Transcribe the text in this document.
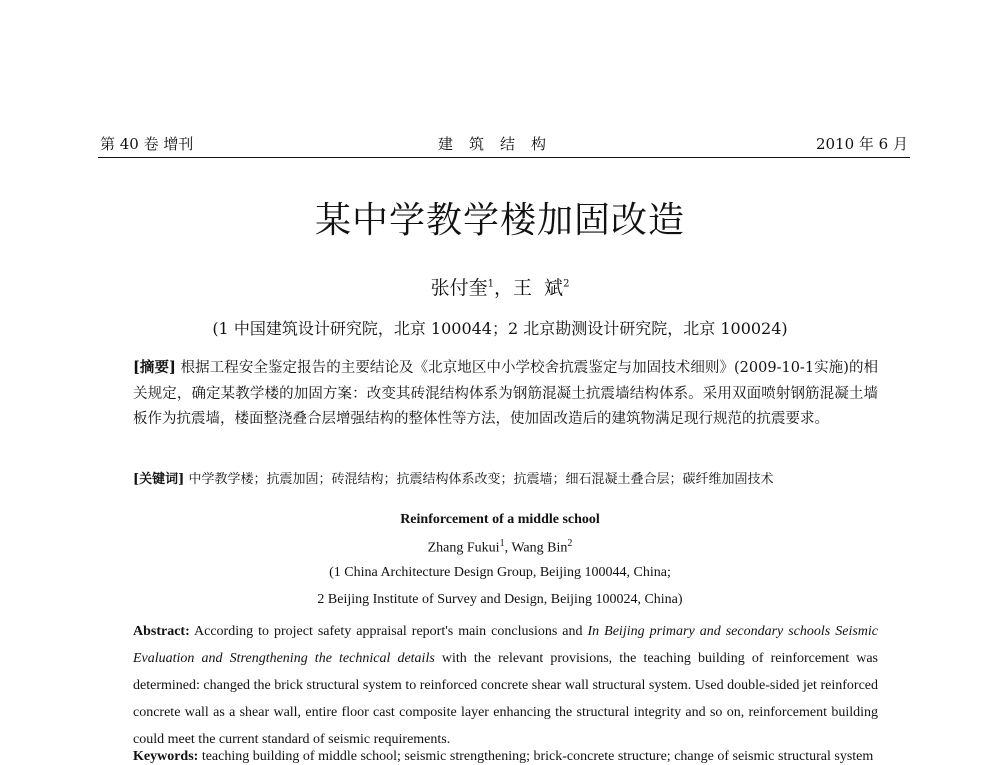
第 40 卷 增刊	建筑结构	2010 年 6 月
某中学教学楼加固改造
张付奎$^1$，王  斌$^2$
(1 中国建筑设计研究院，北京 100044；2 北京勘测设计研究院，北京 100024)
[摘要] 根据工程安全鉴定报告的主要结论及《北京地区中小学校舍抗震鉴定与加固技术细则》(2009-10-1实施)的相关规定，确定某教学楼的加固方案：改变其砖混结构体系为钢筋混凝土抗震墙结构体系。采用双面喷射钢筋混凝土墙板作为抗震墙，楼面整浇叠合层增强结构的整体性等方法，使加固改造后的建筑物满足现行规范的抗震要求。
[关键词] 中学教学楼；抗震加固；砖混结构；抗震结构体系改变；抗震墙；细石混凝土叠合层；碳纤维加固技术
Reinforcement of a middle school
Zhang Fukui$^1$, Wang Bin$^2$
(1 China Architecture Design Group, Beijing 100044, China;
2 Beijing Institute of Survey and Design, Beijing 100024, China)
Abstract: According to project safety appraisal report's main conclusions and In Beijing primary and secondary schools Seismic Evaluation and Strengthening the technical details with the relevant provisions, the teaching building of reinforcement was determined: changed the brick structural system to reinforced concrete shear wall structural system. Used double-sided jet reinforced concrete wall as a shear wall, entire floor cast composite layer enhancing the structural integrity and so on, reinforcement building could meet the current standard of seismic requirements.
Keywords: teaching building of middle school; seismic strengthening; brick-concrete structure; change of seismic structural system
